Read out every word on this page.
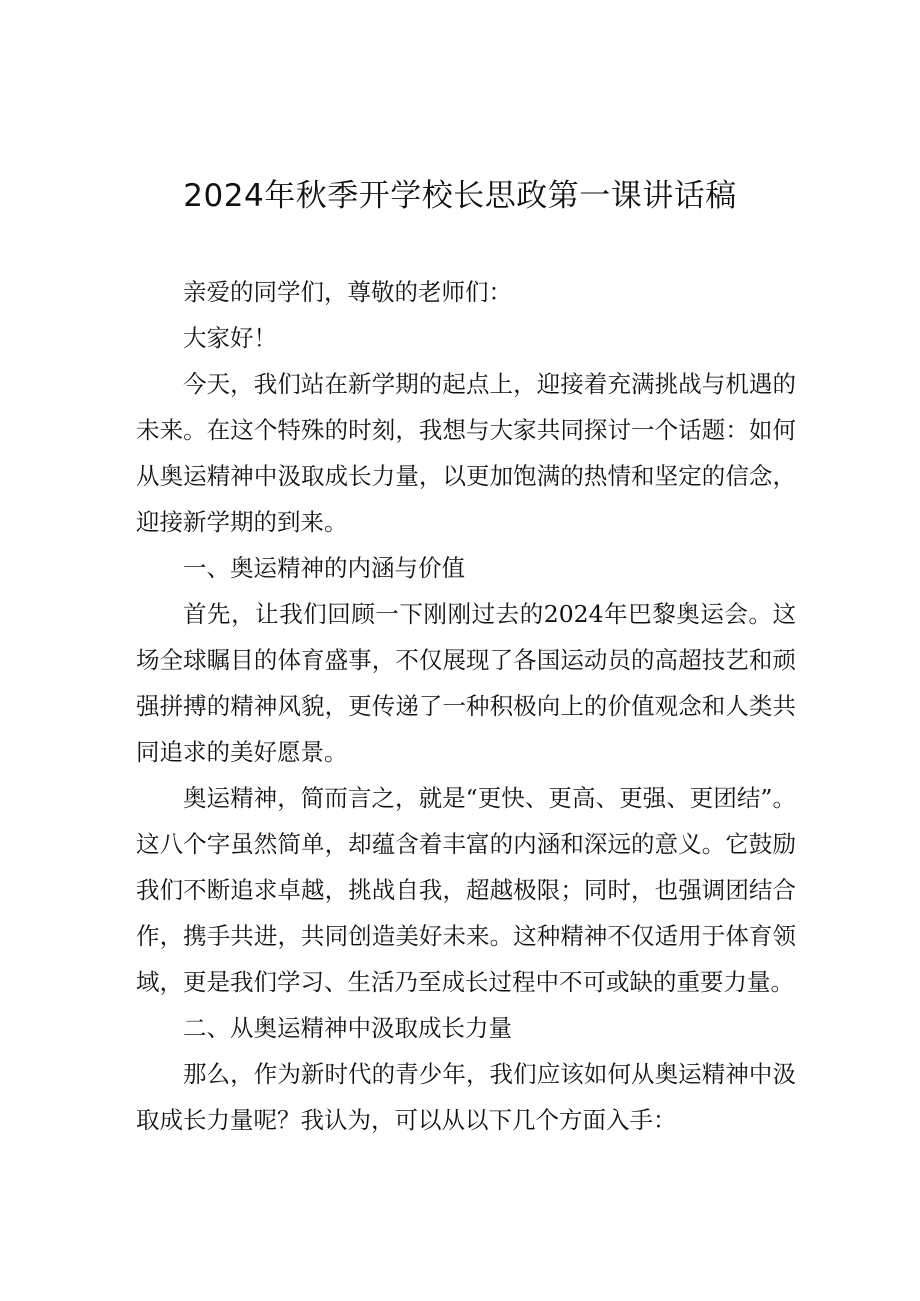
2024年秋季开学校长思政第一课讲话稿

亲爱的同学们，尊敬的老师们：

大家好！

今天，我们站在新学期的起点上，迎接着充满挑战与机遇的未来。在这个特殊的时刻，我想与大家共同探讨一个话题：如何从奥运精神中汲取成长力量，以更加饱满的热情和坚定的信念，迎接新学期的到来。

一、奥运精神的内涵与价值

首先，让我们回顾一下刚刚过去的2024年巴黎奥运会。这场全球瞩目的体育盛事，不仅展现了各国运动员的高超技艺和顽强拼搏的精神风貌，更传递了一种积极向上的价值观念和人类共同追求的美好愿景。

奥运精神，简而言之，就是“更快、更高、更强、更团结”。这八个字虽然简单，却蕴含着丰富的内涵和深远的意义。它鼓励我们不断追求卓越，挑战自我，超越极限；同时，也强调团结合作，携手共进，共同创造美好未来。这种精神不仅适用于体育领域，更是我们学习、生活乃至成长过程中不可或缺的重要力量。

二、从奥运精神中汲取成长力量

那么，作为新时代的青少年，我们应该如何从奥运精神中汲取成长力量呢？我认为，可以从以下几个方面入手：
